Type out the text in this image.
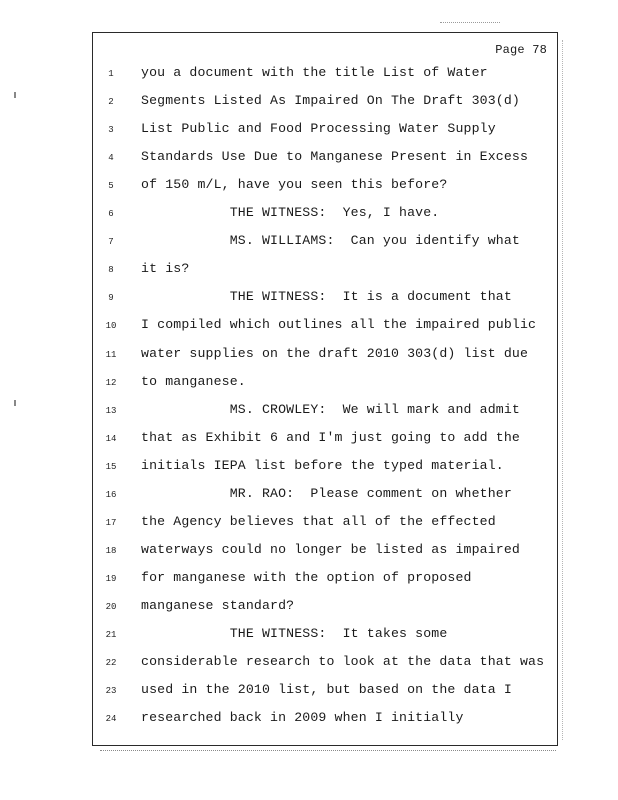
Page 78
1	you a document with the title List of Water
2	Segments Listed As Impaired On The Draft 303(d)
3	List Public and Food Processing Water Supply
4	Standards Use Due to Manganese Present in Excess
5	of 150 m/L, have you seen this before?
6	THE WITNESS:  Yes, I have.
7	MS. WILLIAMS:  Can you identify what
8	it is?
9	THE WITNESS:  It is a document that
10	I compiled which outlines all the impaired public
11	water supplies on the draft 2010 303(d) list due
12	to manganese.
13	MS. CROWLEY:  We will mark and admit
14	that as Exhibit 6 and I'm just going to add the
15	initials IEPA list before the typed material.
16	MR. RAO:  Please comment on whether
17	the Agency believes that all of the effected
18	waterways could no longer be listed as impaired
19	for manganese with the option of proposed
20	manganese standard?
21	THE WITNESS:  It takes some
22	considerable research to look at the data that was
23	used in the 2010 list, but based on the data I
24	researched back in 2009 when I initially
